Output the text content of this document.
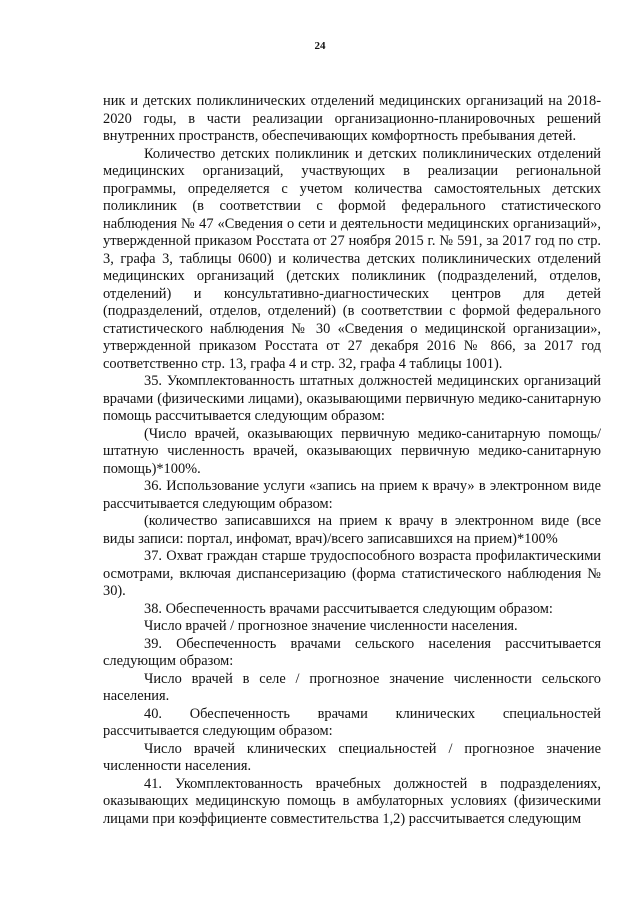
24

ник и детских поликлинических отделений медицинских организаций на 2018-2020 годы, в части реализации организационно-планировочных решений внутренних пространств, обеспечивающих комфортность пребывания детей.

Количество детских поликлиник и детских поликлинических отделений медицинских организаций, участвующих в реализации региональной программы, определяется с учетом количества самостоятельных детских поликлиник (в соответствии с формой федерального статистического наблюдения № 47 «Сведения о сети и деятельности медицинских организаций», утвержденной приказом Росстата от 27 ноября 2015 г. № 591, за 2017 год по стр. 3, графа 3, таблицы 0600) и количества детских поликлинических отделений медицинских организаций (детских поликлиник (подразделений, отделов, отделений) и консультативно-диагностических центров для детей (подразделений, отделов, отделений) (в соответствии с формой федерального статистического наблюдения № 30 «Сведения о медицинской организации», утвержденной приказом Росстата от 27 декабря 2016 № 866, за 2017 год соответственно стр. 13, графа 4 и стр. 32, графа 4 таблицы 1001).

35. Укомплектованность штатных должностей медицинских организаций врачами (физическими лицами), оказывающими первичную медико-санитарную помощь рассчитывается следующим образом:

(Число врачей, оказывающих первичную медико-санитарную помощь/ штатную численность врачей, оказывающих первичную медико-санитарную помощь)*100%.

36. Использование услуги «запись на прием к врачу» в электронном виде рассчитывается следующим образом:

(количество записавшихся на прием к врачу в электронном виде (все виды записи: портал, инфомат, врач)/всего записавшихся на прием)*100%

37. Охват граждан старше трудоспособного возраста профилактическими осмотрами, включая диспансеризацию (форма статистического наблюдения № 30).

38. Обеспеченность врачами рассчитывается следующим образом:

Число врачей / прогнозное значение численности населения.

39. Обеспеченность врачами сельского населения рассчитывается следующим образом:

Число врачей в селе / прогнозное значение численности сельского населения.

40. Обеспеченность врачами клинических специальностей рассчитывается следующим образом:

Число врачей клинических специальностей / прогнозное значение численности населения.

41. Укомплектованность врачебных должностей в подразделениях, оказывающих медицинскую помощь в амбулаторных условиях (физическими лицами при коэффициенте совместительства 1,2) рассчитывается следующим
